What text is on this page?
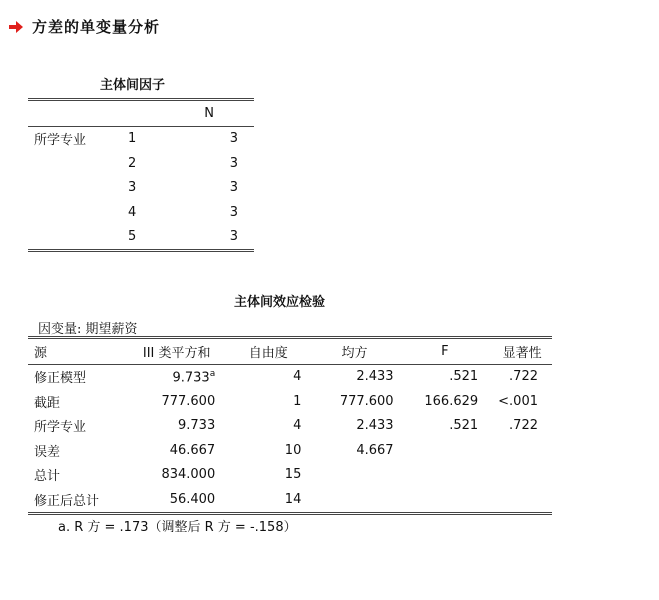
方差的单变量分析
主体间因子
		N
所学专业	1	3
	2	3
	3	3
	4	3
	5	3
主体间效应检验
因变量: 期望薪资
源	III 类平方和	自由度	均方	F	显著性
修正模型	9.733$^a$	4	2.433	.521	.722
截距	777.600	1	777.600	166.629	<.001
所学专业	9.733	4	2.433	.521	.722
误差	46.667	10	4.667		
总计	834.000	15			
修正后总计	56.400	14			
a. R 方 = .173（调整后 R 方 = -.158）
